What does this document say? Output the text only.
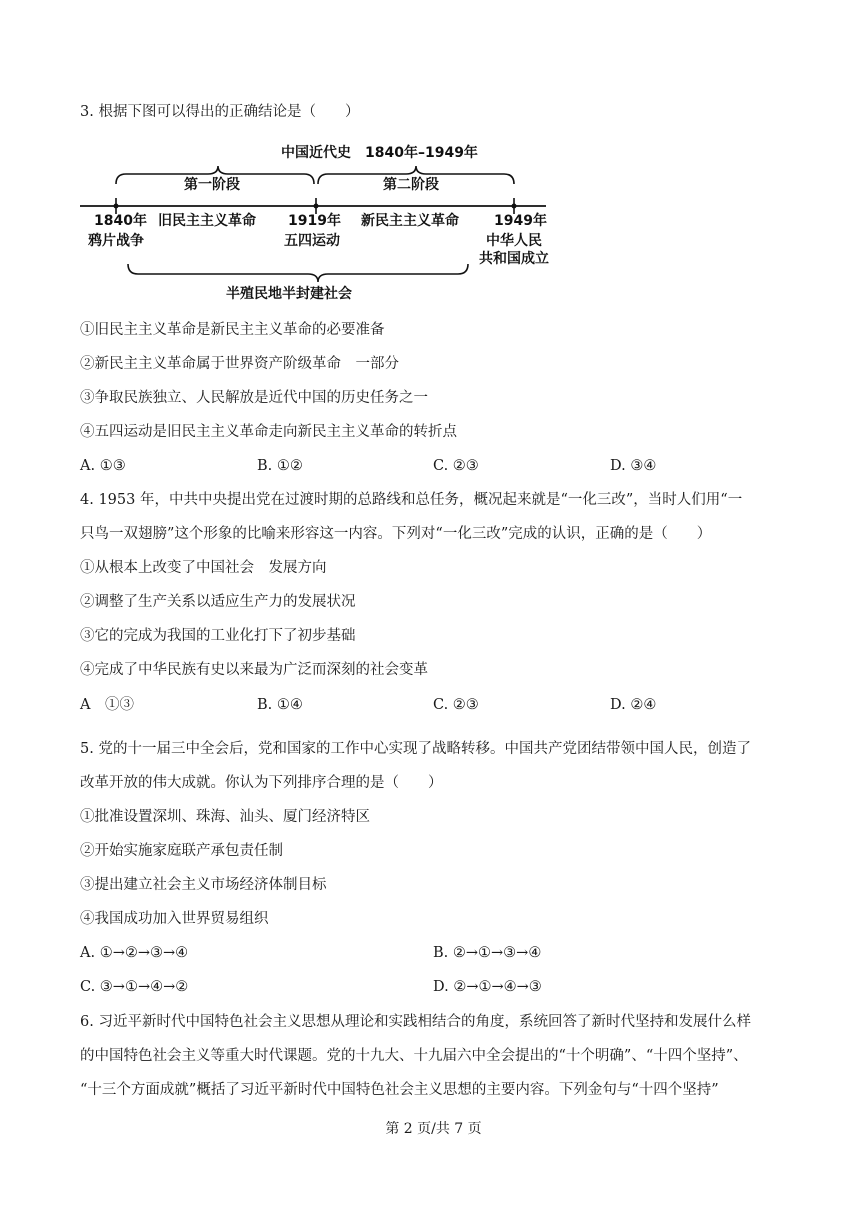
3. 根据下图可以得出的正确结论是（　　）
中国近代史　1840年–1949年
第一阶段	第二阶段
1840年 旧民主主义革命 1919年 新民主主义革命	1949年
鸦片战争	五四运动	中华人民
共和国成立
半殖民地半封建社会
①旧民主主义革命是新民主主义革命的必要准备
②新民主主义革命属于世界资产阶级革命　一部分
③争取民族独立、人民解放是近代中国的历史任务之一
④五四运动是旧民主主义革命走向新民主主义革命的转折点
A. ①③	B. ①②	C. ②③	D. ③④
4. 1953 年，中共中央提出党在过渡时期的总路线和总任务，概况起来就是“一化三改”，当时人们用“一
只鸟一双翅膀”这个形象的比喻来形容这一内容。下列对“一化三改”完成的认识，正确的是（　　）
①从根本上改变了中国社会　发展方向
②调整了生产关系以适应生产力的发展状况
③它的完成为我国的工业化打下了初步基础
④完成了中华民族有史以来最为广泛而深刻的社会变革
A　①③	B. ①④	C. ②③	D. ②④
5. 党的十一届三中全会后，党和国家的工作中心实现了战略转移。中国共产党团结带领中国人民，创造了
改革开放的伟大成就。你认为下列排序合理的是（　　）
①批准设置深圳、珠海、汕头、厦门经济特区
②开始实施家庭联产承包责任制
③提出建立社会主义市场经济体制目标
④我国成功加入世界贸易组织
A. ①→②→③→④	B. ②→①→③→④
C. ③→①→④→②	D. ②→①→④→③
6. 习近平新时代中国特色社会主义思想从理论和实践相结合的角度，系统回答了新时代坚持和发展什么样
的中国特色社会主义等重大时代课题。党的十九大、十九届六中全会提出的“十个明确”、“十四个坚持”、
“十三个方面成就”概括了习近平新时代中国特色社会主义思想的主要内容。下列金句与“十四个坚持”
第 2 页/共 7 页
